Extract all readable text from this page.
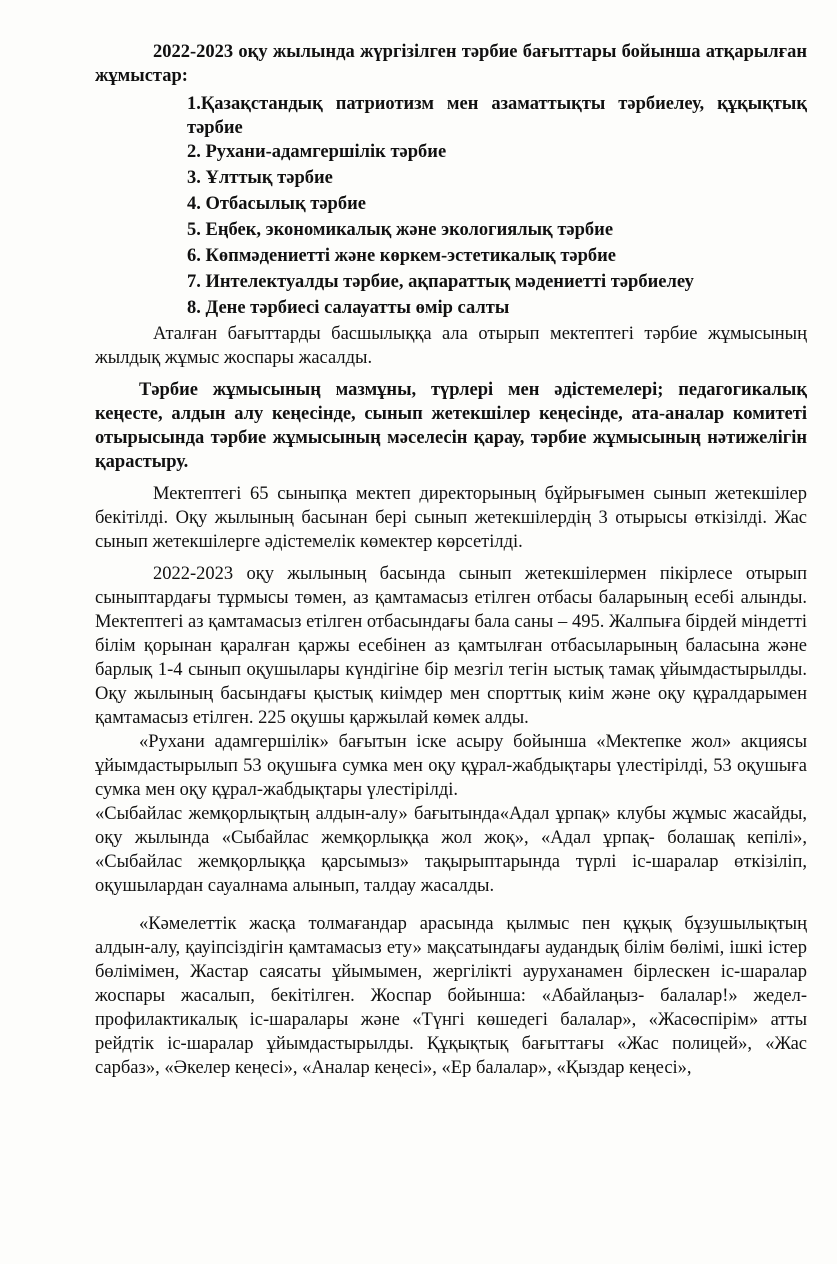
2022-2023 оқу жылында жүргізілген тәрбие бағыттары бойынша атқарылған жұмыстар:

1.Қазақстандық патриотизм мен азаматтықты тәрбиелеу, құқықтық тәрбие
2. Рухани-адамгершілік тәрбие
3. Ұлттық тәрбие
4. Отбасылық тәрбие
5. Еңбек, экономикалық және экологиялық тәрбие
6. Көпмәдениетті және көркем-эстетикалық тәрбие
7. Интелектуалды тәрбие, ақпараттық мәдениетті тәрбиелеу
8. Дене тәрбиесі салауатты өмір салты

Аталған бағыттарды басшылыққа ала отырып мектептегі тәрбие жұмысының жылдық жұмыс жоспары жасалды.

Тәрбие жұмысының мазмұны, түрлері мен әдістемелері; педагогикалық кеңесте, алдын алу кеңесінде, сынып жетекшілер кеңесінде, ата-аналар комитеті отырысында тәрбие жұмысының мәселесін қарау, тәрбие жұмысының нәтижелігін қарастыру.

Мектептегі 65 сыныпқа мектеп директорының бұйрығымен сынып жетекшілер бекітілді. Оқу жылының басынан бері сынып жетекшілердің 3 отырысы өткізілді. Жас сынып жетекшілерге әдістемелік көмектер көрсетілді.

2022-2023 оқу жылының басында сынып жетекшілермен пікірлесе отырып сыныптардағы тұрмысы төмен, аз қамтамасыз етілген отбасы баларының есебі алынды. Мектептегі аз қамтамасыз етілген отбасындағы бала саны – 495. Жалпыға бірдей міндетті білім қорынан қаралған қаржы есебінен аз қамтылған отбасыларының баласына және барлық 1-4 сынып оқушылары күндігіне бір мезгіл тегін ыстық тамақ ұйымдастырылды. Оқу жылының басындағы қыстық киімдер мен спорттық киім және оқу құралдарымен қамтамасыз етілген. 225 оқушы қаржылай көмек алды.

«Рухани адамгершілік» бағытын іске асыру бойынша «Мектепке жол» акциясы ұйымдастырылып 53 оқушыға сумка мен оқу құрал-жабдықтары үлестірілді, 53 оқушыға сумка мен оқу құрал-жабдықтары үлестірілді.

«Сыбайлас жемқорлықтың алдын-алу» бағытында«Адал ұрпақ» клубы жұмыс жасайды, оқу жылында «Сыбайлас жемқорлыққа жол жоқ», «Адал ұрпақ- болашақ кепілі», «Сыбайлас жемқорлыққа қарсымыз» тақырыптарында түрлі іс-шаралар өткізіліп, оқушылардан сауалнама алынып, талдау жасалды.

«Кәмелеттік жасқа толмағандар арасында қылмыс пен құқық бұзушылықтың алдын-алу, қауіпсіздігін қамтамасыз ету» мақсатындағы аудандық білім бөлімі, ішкі істер бөлімімен, Жастар саясаты ұйымымен, жергілікті ауруханамен бірлескен іс-шаралар жоспары жасалып, бекітілген. Жоспар бойынша: «Абайлаңыз- балалар!» жедел-профилактикалық іс-шаралары және «Түнгі көшедегі балалар», «Жасөспірім» атты рейдтік іс-шаралар ұйымдастырылды. Құқықтық бағыттағы «Жас полицей», «Жас сарбаз», «Әкелер кеңесі», «Аналар кеңесі», «Ер балалар», «Қыздар кеңесі»,
